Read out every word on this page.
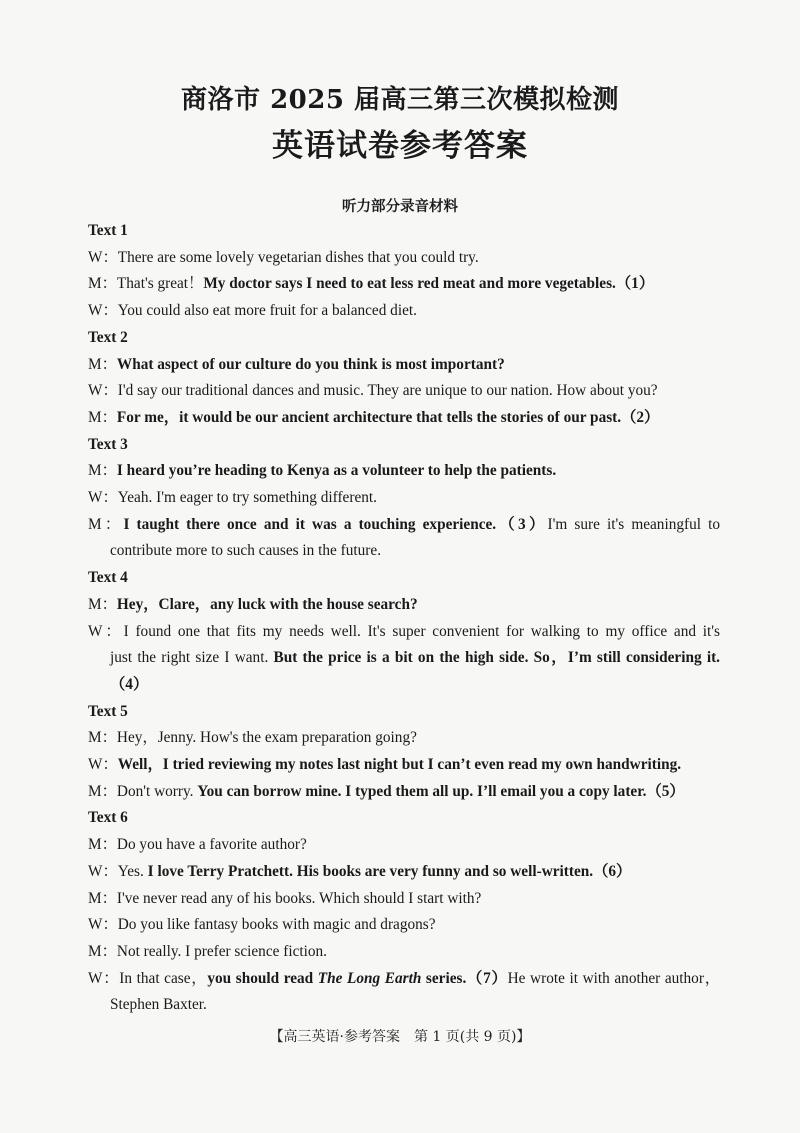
商洛市 2025 届高三第三次模拟检测
英语试卷参考答案
听力部分录音材料
Text 1
W：There are some lovely vegetarian dishes that you could try.
M：That's great！My doctor says I need to eat less red meat and more vegetables.（1）
W：You could also eat more fruit for a balanced diet.
Text 2
M：What aspect of our culture do you think is most important?
W：I'd say our traditional dances and music. They are unique to our nation. How about you?
M：For me，it would be our ancient architecture that tells the stories of our past.（2）
Text 3
M：I heard you’re heading to Kenya as a volunteer to help the patients.
W：Yeah. I'm eager to try something different.
M：I taught there once and it was a touching experience.（3）I'm sure it's meaningful to
contribute more to such causes in the future.
Text 4
M：Hey，Clare，any luck with the house search?
W：I found one that fits my needs well. It's super convenient for walking to my office and it's
just the right size I want. But the price is a bit on the high side. So，I’m still considering it.
（4）
Text 5
M：Hey，Jenny. How's the exam preparation going?
W：Well，I tried reviewing my notes last night but I can’t even read my own handwriting.
M：Don't worry. You can borrow mine. I typed them all up. I’ll email you a copy later.（5）
Text 6
M：Do you have a favorite author?
W：Yes. I love Terry Pratchett. His books are very funny and so well-written.（6）
M：I've never read any of his books. Which should I start with?
W：Do you like fantasy books with magic and dragons?
M：Not really. I prefer science fiction.
W：In that case，you should read The Long Earth series.（7）He wrote it with another author，
Stephen Baxter.
【高三英语·参考答案　第 1 页(共 9 页)】
